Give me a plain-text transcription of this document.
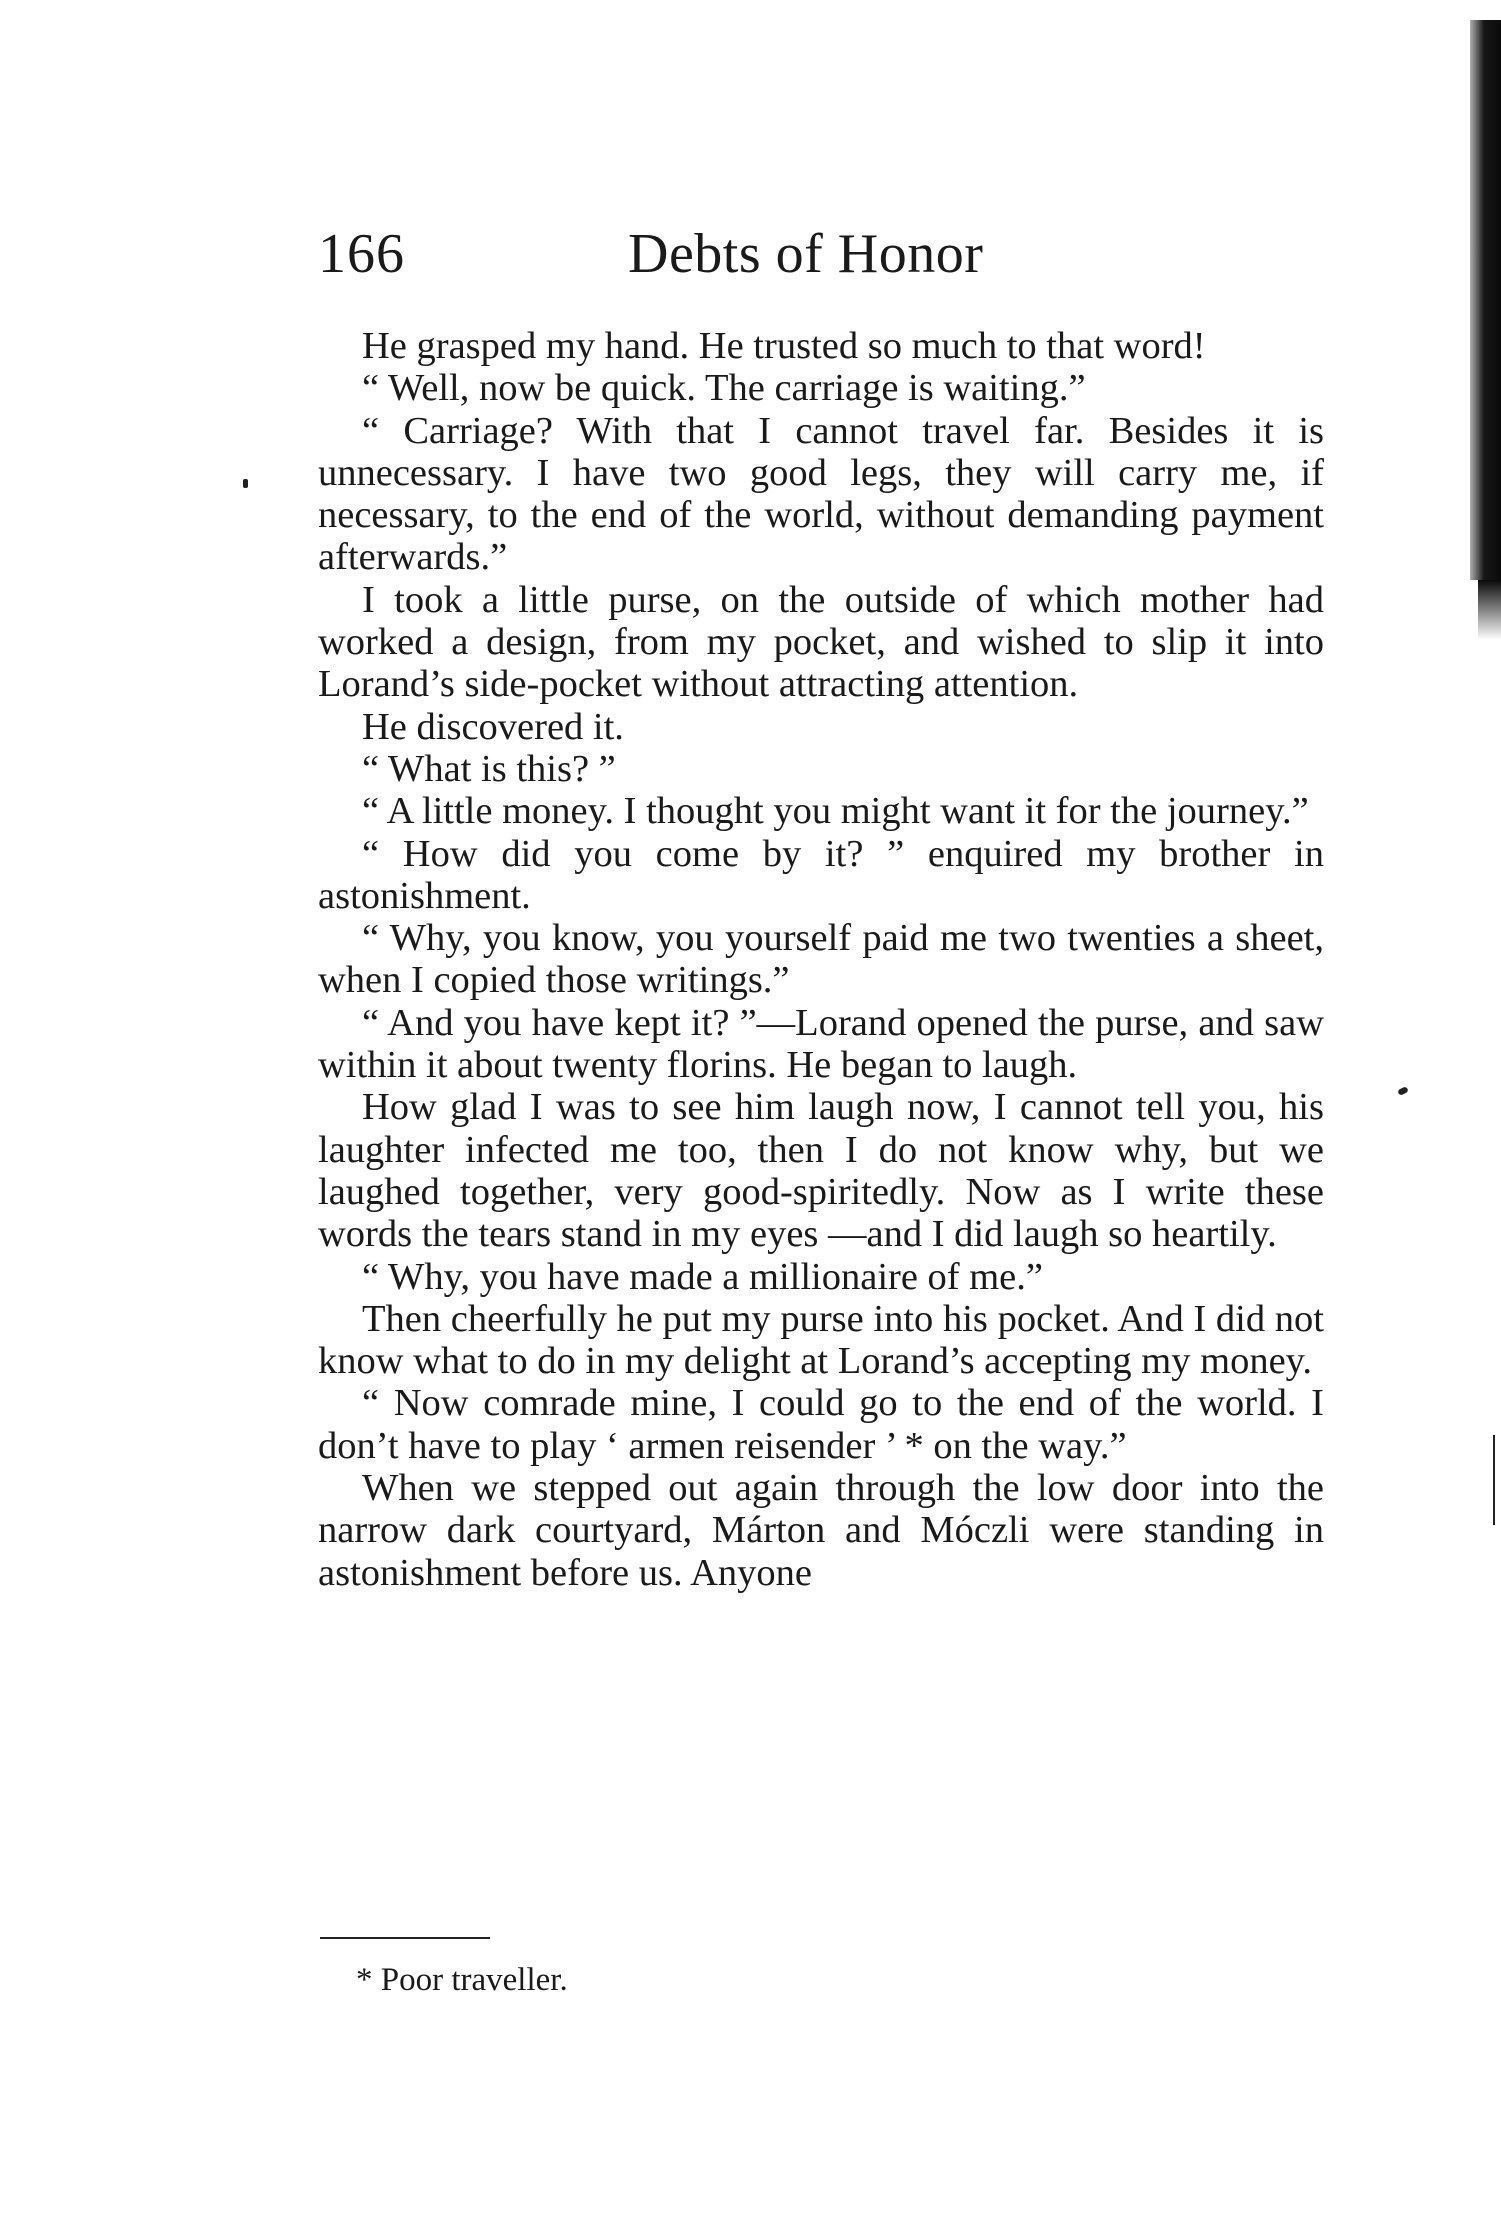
166	Debts of Honor

He grasped my hand. He trusted so much to that word!

“ Well, now be quick. The carriage is waiting.”

“ Carriage? With that I cannot travel far. Besides it is unnecessary. I have two good legs, they will carry me, if necessary, to the end of the world, without demanding payment afterwards.”

I took a little purse, on the outside of which mother had worked a design, from my pocket, and wished to slip it into Lorand’s side-pocket without attracting attention.

He discovered it.

“ What is this? ”

“ A little money. I thought you might want it for the journey.”

“ How did you come by it? ” enquired my brother in astonishment.

“ Why, you know, you yourself paid me two twenties a sheet, when I copied those writings.”

“ And you have kept it? ”—Lorand opened the purse, and saw within it about twenty florins. He began to laugh.

How glad I was to see him laugh now, I cannot tell you, his laughter infected me too, then I do not know why, but we laughed together, very good-spiritedly. Now as I write these words the tears stand in my eyes —and I did laugh so heartily.

“ Why, you have made a millionaire of me.”

Then cheerfully he put my purse into his pocket. And I did not know what to do in my delight at Lorand’s accepting my money.

“ Now comrade mine, I could go to the end of the world. I don’t have to play ‘ armen reisender ’ * on the way.”

When we stepped out again through the low door into the narrow dark courtyard, Márton and Móczli were standing in astonishment before us. Anyone

* Poor traveller.
